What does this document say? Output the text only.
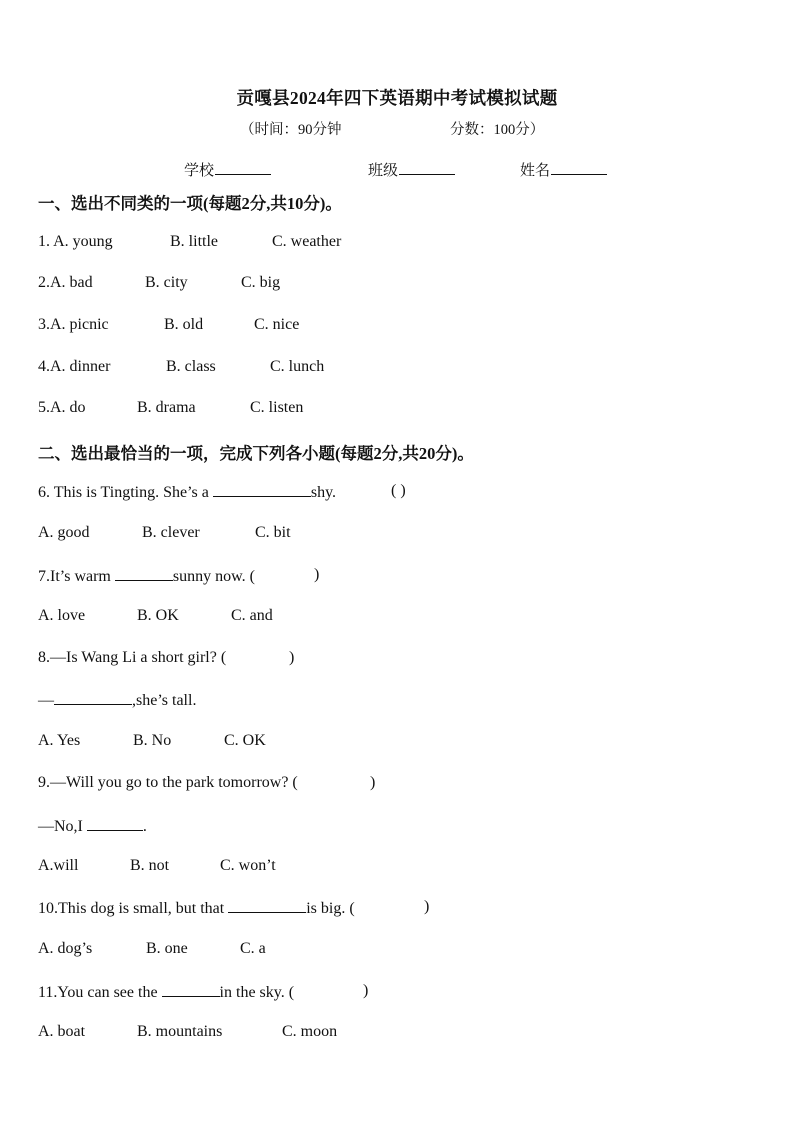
贡嘎县2024年四下英语期中考试模拟试题
（时间：90分钟	分数：100分）
学校	班级	姓名
一、选出不同类的一项(每题2分,共10分)。
1. A. young	B. little	C. weather
2.A. bad	B. city	C. big
3.A. picnic	B. old	C. nice
4.A. dinner	B. class	C. lunch
5.A. do	B. drama	C. listen
二、选出最恰当的一项，完成下列各小题(每题2分,共20分)。
6. This is Tingting. She’s a	shy.	( )
A. good	B. clever	C. bit
7.It’s warm	sunny now. (	)
A. love	B. OK	C. and
8.—Is Wang Li a short girl? (	)
—	,she’s tall.
A. Yes	B. No	C. OK
9.—Will you go to the park tomorrow? (	)
—No,I	.
A.will	B. not	C. won’t
10.This dog is small, but that	is big. (	)
A. dog’s	B. one	C. a
11.You can see the	in the sky. (	)
A. boat	B. mountains	C. moon
